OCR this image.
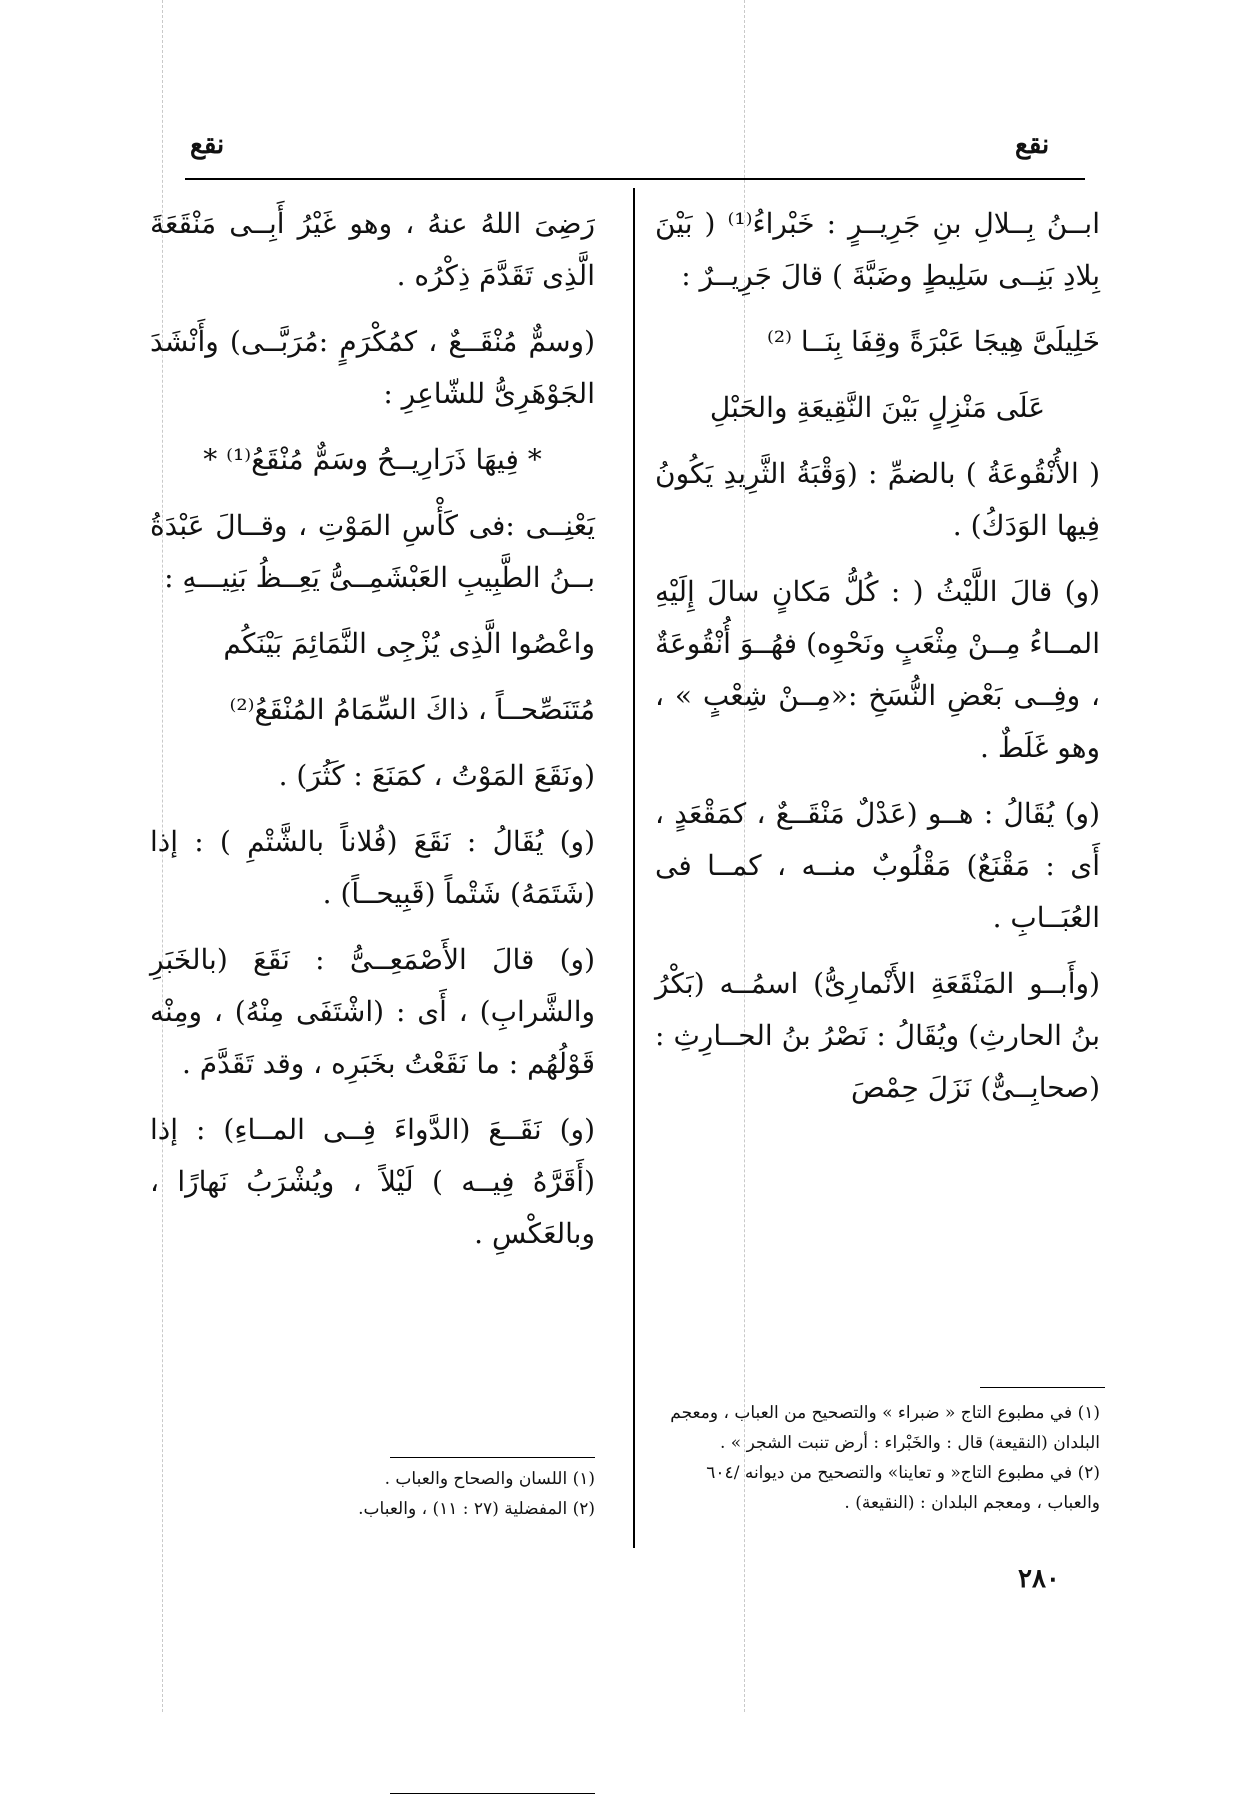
نقع
نقع

ابــنُ بِــلالِ بنِ جَرِيــرٍ : خَبْراءُ⁽¹⁾ ( بَيْنَ بِلادِ بَنِــى سَلِيطٍ وضَبَّةَ ) قالَ جَرِيــرٌ :

خَلِيلَىَّ هِيجَا عَبْرَةً وقِفَا بِنَــا ⁽²⁾

عَلَى مَنْزِلٍ بَيْنَ النَّقِيعَةِ والحَبْلِ

( الأُنْقُوعَةُ ) بالضمِّ : (وَقْبَةُ الثَّرِيدِ يَكُونُ فِيها الوَدَكُ) .

(و) قالَ اللَّيْثُ ( : كُلُّ مَكانٍ سالَ إِلَيْهِ المــاءُ مِــنْ مِثْعَبٍ ونَحْوِه) فهُــوَ أُنْقُوعَةٌ ، وفِــى بَعْضِ النُّسَخِ :«مِــنْ شِعْبٍ » ، وهو غَلَطٌ .

(و) يُقَالُ : هــو (عَدْلٌ مَنْقَــعٌ ، كمَقْعَدٍ ، أَى : مَقْنَعٌ) مَقْلُوبٌ منــه ، كمــا فى العُبَــابِ .

(وأَبــو المَنْقَعَةِ الأَنْمارِىُّ) اسمُــه (بَكْرُ بنُ الحارثِ) ويُقَالُ : نَصْرُ بنُ الحــارِثِ : (صحابِــىٌّ) نَزَلَ حِمْصَ

رَضِىَ اللهُ عنهُ ، وهو غَيْرُ أَبِــى مَنْقَعَةَ الَّذِى تَقَدَّمَ ذِكْرُه .

(وسمٌّ مُنْقَــعٌ ، كمُكْرَمٍ :مُرَبَّــى) وأَنْشَدَ الجَوْهَرِىُّ للشّاعِرِ :

* فِيهَا ذَرَارِيــحُ وسَمٌّ مُنْقَعُ⁽¹⁾ *

يَعْنِــى :فى كَأْسِ المَوْتِ ، وقــالَ عَبْدَةُ بــنُ الطَّبِيبِ العَبْشَمِــىُّ يَعِــظُ بَنِيـــهِ :

واعْصُوا الَّذِى يُزْجِى النَّمَائِمَ بَيْنَكُم

مُتَنَصِّحــاً ، ذاكَ السِّمَامُ المُنْقَعُ⁽²⁾

(ونَقَعَ المَوْتُ ، كمَنَعَ : كَثُرَ) .

(و) يُقَالُ : نَقَعَ (فُلاناً بالشَّتْمِ ) : إذا (شَتَمَهُ) شَتْماً (قَبِيحــاً) .

(و) قالَ الأَصْمَعِــىُّ : نَقَعَ (بالخَبَرِ والشَّرابِ) ، أَى : (اشْتَفَى مِنْهُ) ، ومِنْه قَوْلُهُم : ما نَقَعْتُ بخَبَرِه ، وقد تَقَدَّمَ .

(و) نَقَــعَ (الدَّواءَ فِــى المــاءِ) : إذا (أَقَرَّهُ فِيــه ) لَيْلاً ، ويُشْرَبُ نَهارًا ، وبالعَكْسِ .

(١) في مطبوع التاج « ضبراء » والتصحيح من العباب ، ومعجم البلدان (النقيعة) قال : والخَبْراء : أرض تنبت الشجر » .
(٢) في مطبوع التاج« و تعاينا» والتصحيح من ديوانه /٦٠٤ والعباب ، ومعجم البلدان : (النقيعة) .
(١) اللسان والصحاح والعباب .
(٢) المفضلية (٢٧ : ١١) ، والعباب.
٢٨٠
